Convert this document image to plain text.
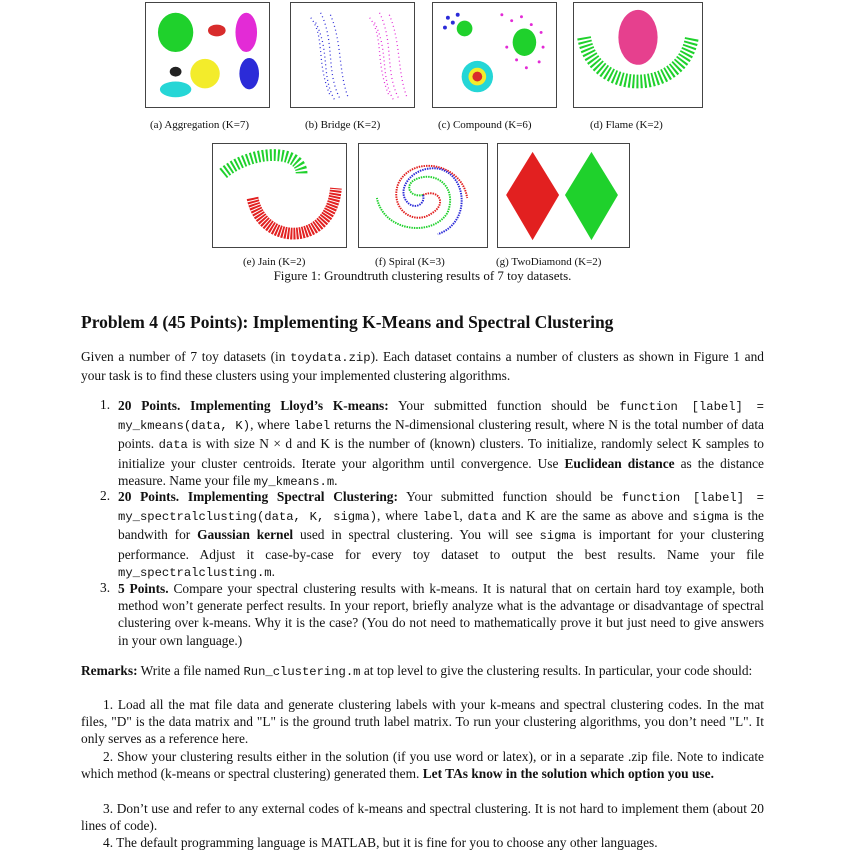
(a) Aggregation (K=7)	(b) Bridge (K=2)	(c) Compound (K=6)	(d) Flame (K=2)
(e) Jain (K=2)	(f) Spiral (K=3)	(g) TwoDiamond (K=2)
Figure 1: Groundtruth clustering results of 7 toy datasets.
Problem 4 (45 Points): Implementing K-Means and Spectral Clustering
Given a number of 7 toy datasets (in toydata.zip). Each dataset contains a number of clusters as shown in Figure 1 and your task is to find these clusters using your implemented clustering algorithms.
1. 20 Points. Implementing Lloyd’s K-means: Your submitted function should be function [label] = my_kmeans(data, K), where label returns the N-dimensional clustering result, where N is the total number of data points. data is with size N × d and K is the number of (known) clusters. To initialize, randomly select K samples to initialize your cluster centroids. Iterate your algorithm until convergence. Use Euclidean distance as the distance measure. Name your file my_kmeans.m.
2. 20 Points. Implementing Spectral Clustering: Your submitted function should be function [label] = my_spectralclusting(data, K, sigma), where label, data and K are the same as above and sigma is the bandwith for Gaussian kernel used in spectral clustering. You will see sigma is important for your clustering performance. Adjust it case-by-case for every toy dataset to output the best results. Name your file my_spectralclusting.m.
3. 5 Points. Compare your spectral clustering results with k-means. It is natural that on certain hard toy example, both method won’t generate perfect results. In your report, briefly analyze what is the advantage or disadvantage of spectral clustering over k-means. Why it is the case? (You do not need to mathematically prove it but just need to give answers in your own language.)
Remarks: Write a file named Run_clustering.m at top level to give the clustering results. In particular, your code should:
1. Load all the mat file data and generate clustering labels with your k-means and spectral clustering codes. In the mat files, "D" is the data matrix and "L" is the ground truth label matrix. To run your clustering algorithms, you don’t need "L". It only serves as a reference here.
2. Show your clustering results either in the solution (if you use word or latex), or in a separate .zip file. Note to indicate which method (k-means or spectral clustering) generated them. Let TAs know in the solution which option you use.
3. Don’t use and refer to any external codes of k-means and spectral clustering. It is not hard to implement them (about 20 lines of code).
4. The default programming language is MATLAB, but it is fine for you to choose any other languages.
